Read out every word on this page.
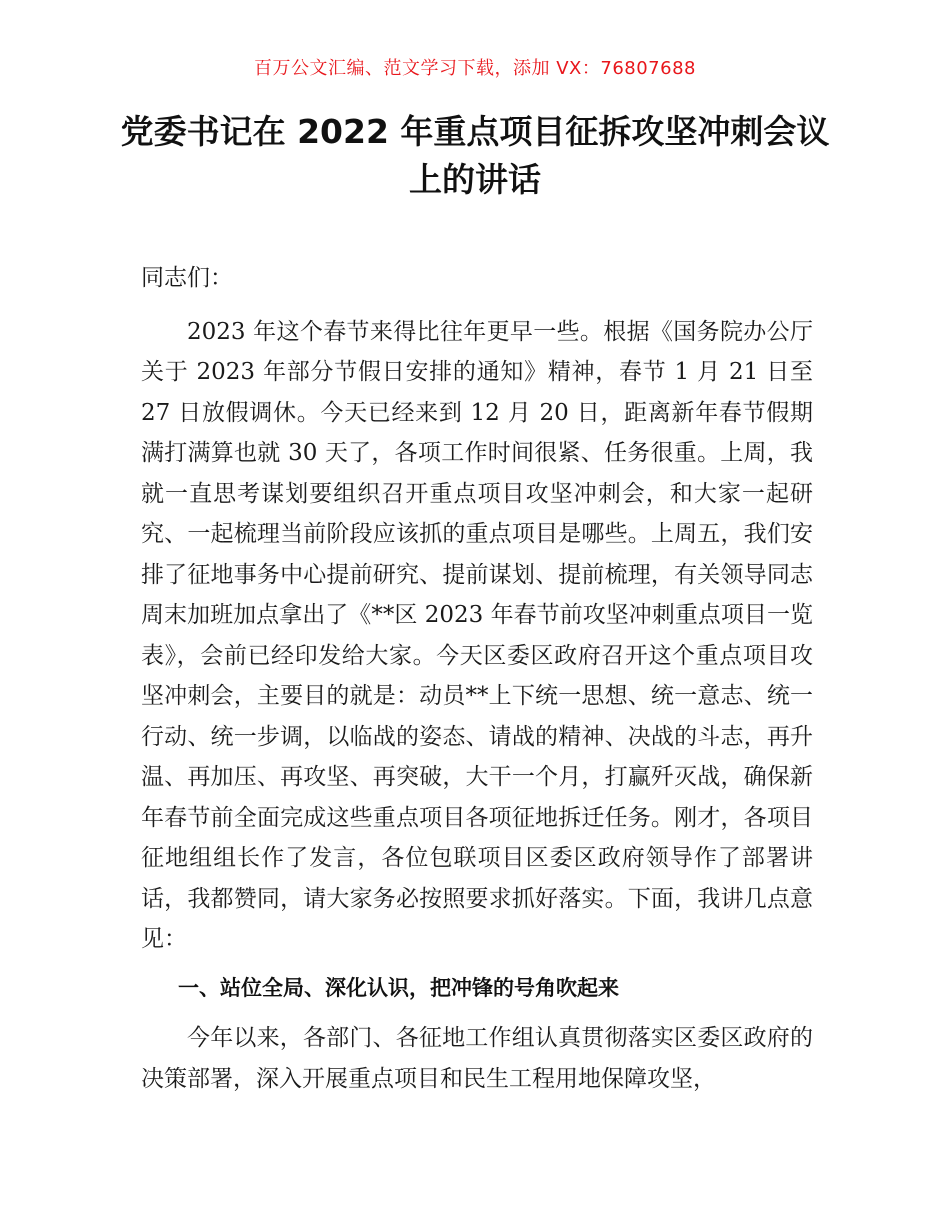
百万公文汇编、范文学习下载，添加 VX：76807688
党委书记在 2022 年重点项目征拆攻坚冲刺会议上的讲话

同志们：

2023 年这个春节来得比往年更早一些。根据《国务院办公厅关于 2023 年部分节假日安排的通知》精神，春节 1 月 21 日至 27 日放假调休。今天已经来到 12 月 20 日，距离新年春节假期满打满算也就 30 天了，各项工作时间很紧、任务很重。上周，我就一直思考谋划要组织召开重点项目攻坚冲刺会，和大家一起研究、一起梳理当前阶段应该抓的重点项目是哪些。上周五，我们安排了征地事务中心提前研究、提前谋划、提前梳理，有关领导同志周末加班加点拿出了《**区 2023 年春节前攻坚冲刺重点项目一览表》，会前已经印发给大家。今天区委区政府召开这个重点项目攻坚冲刺会，主要目的就是：动员**上下统一思想、统一意志、统一行动、统一步调，以临战的姿态、请战的精神、决战的斗志，再升温、再加压、再攻坚、再突破，大干一个月，打赢歼灭战，确保新年春节前全面完成这些重点项目各项征地拆迁任务。刚才，各项目征地组组长作了发言，各位包联项目区委区政府领导作了部署讲话，我都赞同，请大家务必按照要求抓好落实。下面，我讲几点意见：

一、站位全局、深化认识，把冲锋的号角吹起来

今年以来，各部门、各征地工作组认真贯彻落实区委区政府的决策部署，深入开展重点项目和民生工程用地保障攻坚，
